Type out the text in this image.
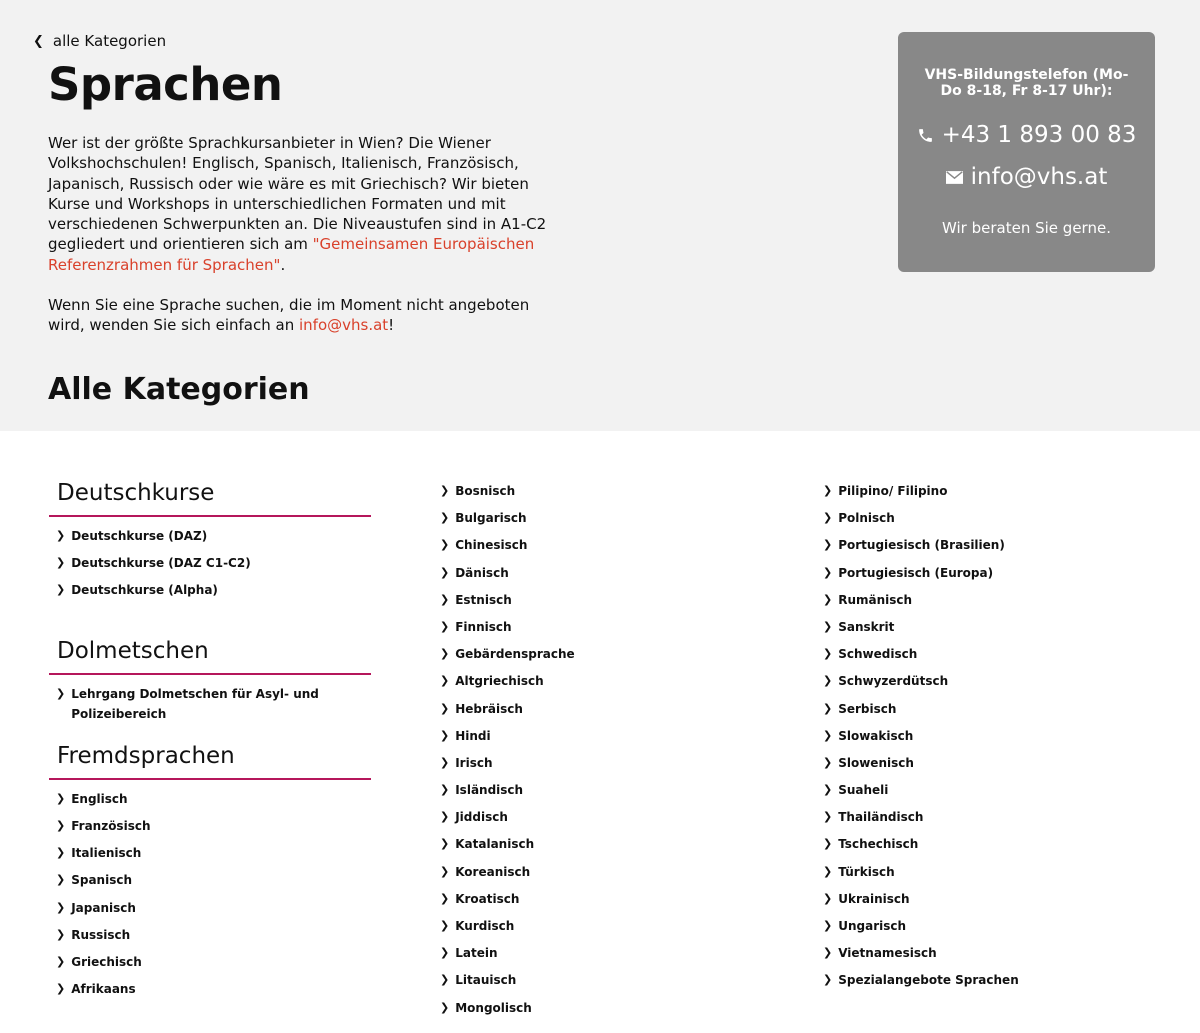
❮ alle Kategorien
Sprachen

Wer ist der größte Sprachkursanbieter in Wien? Die Wiener Volkshochschulen! Englisch, Spanisch, Italienisch, Französisch, Japanisch, Russisch oder wie wäre es mit Griechisch? Wir bieten Kurse und Workshops in unterschiedlichen Formaten und mit verschiedenen Schwerpunkten an. Die Niveaustufen sind in A1-C2 gegliedert und orientieren sich am "Gemeinsamen Europäischen Referenzrahmen für Sprachen".

Wenn Sie eine Sprache suchen, die im Moment nicht angeboten wird, wenden Sie sich einfach an info@vhs.at!

VHS-Bildungstelefon (Mo-Do 8-18, Fr 8-17 Uhr):
+43 1 893 00 83
info@vhs.at
Wir beraten Sie gerne.
Alle Kategorien
Deutschkurse
❯ Deutschkurse (DAZ)
❯ Deutschkurse (DAZ C1-C2)
❯ Deutschkurse (Alpha)
Dolmetschen
❯ Lehrgang Dolmetschen für Asyl- und Polizeibereich
Fremdsprachen
❯ Englisch
❯ Französisch
❯ Italienisch
❯ Spanisch
❯ Japanisch
❯ Russisch
❯ Griechisch
❯ Afrikaans
❯ Bosnisch
❯ Bulgarisch
❯ Chinesisch
❯ Dänisch
❯ Estnisch
❯ Finnisch
❯ Gebärdensprache
❯ Altgriechisch
❯ Hebräisch
❯ Hindi
❯ Irisch
❯ Isländisch
❯ Jiddisch
❯ Katalanisch
❯ Koreanisch
❯ Kroatisch
❯ Kurdisch
❯ Latein
❯ Litauisch
❯ Mongolisch
❯ Pilipino/ Filipino
❯ Polnisch
❯ Portugiesisch (Brasilien)
❯ Portugiesisch (Europa)
❯ Rumänisch
❯ Sanskrit
❯ Schwedisch
❯ Schwyzerdütsch
❯ Serbisch
❯ Slowakisch
❯ Slowenisch
❯ Suaheli
❯ Thailändisch
❯ Tschechisch
❯ Türkisch
❯ Ukrainisch
❯ Ungarisch
❯ Vietnamesisch
❯ Spezialangebote Sprachen
